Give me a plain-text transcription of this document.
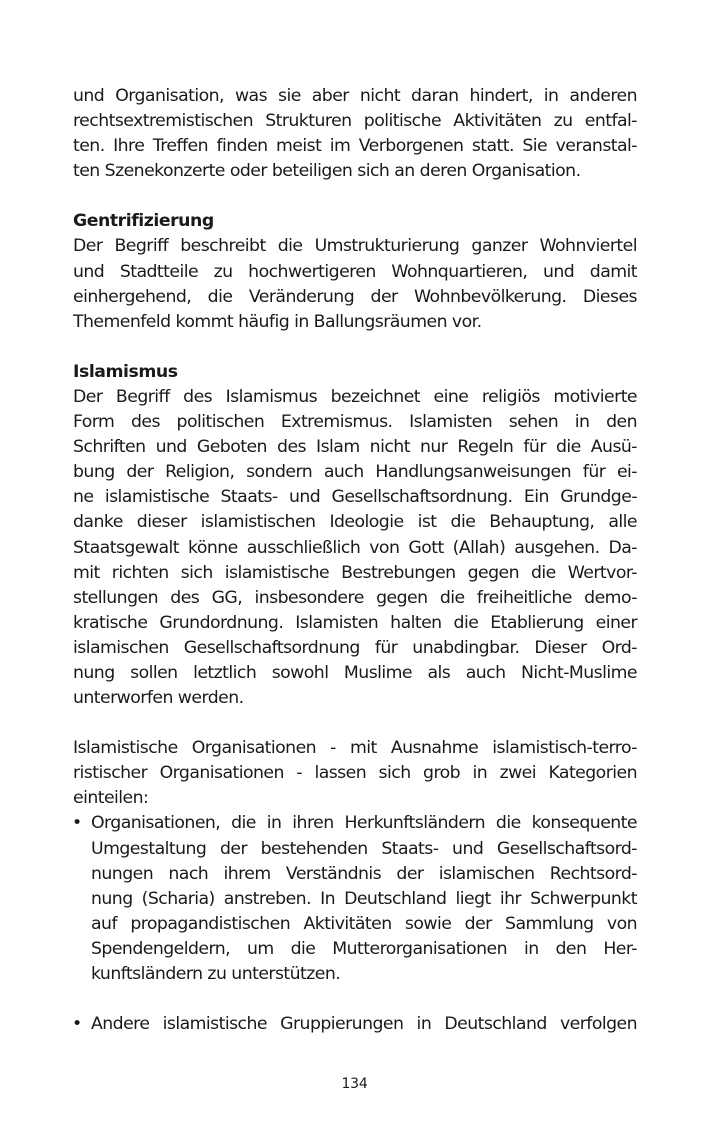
und Organisation, was sie aber nicht daran hindert, in anderen
rechtsextremistischen Strukturen politische Aktivitäten zu entfal-
ten. Ihre Treffen finden meist im Verborgenen statt. Sie veranstal-
ten Szenekonzerte oder beteiligen sich an deren Organisation.
Gentrifizierung
Der Begriff beschreibt die Umstrukturierung ganzer Wohnviertel
und Stadtteile zu hochwertigeren Wohnquartieren, und damit
einhergehend, die Veränderung der Wohnbevölkerung. Dieses
Themenfeld kommt häufig in Ballungsräumen vor.
Islamismus
Der Begriff des Islamismus bezeichnet eine religiös motivierte
Form des politischen Extremismus. Islamisten sehen in den
Schriften und Geboten des Islam nicht nur Regeln für die Ausü-
bung der Religion, sondern auch Handlungsanweisungen für ei-
ne islamistische Staats- und Gesellschaftsordnung. Ein Grundge-
danke dieser islamistischen Ideologie ist die Behauptung, alle
Staatsgewalt könne ausschließlich von Gott (Allah) ausgehen. Da-
mit richten sich islamistische Bestrebungen gegen die Wertvor-
stellungen des GG, insbesondere gegen die freiheitliche demo-
kratische Grundordnung. Islamisten halten die Etablierung einer
islamischen Gesellschaftsordnung für unabdingbar. Dieser Ord-
nung sollen letztlich sowohl Muslime als auch Nicht-Muslime
unterworfen werden.
Islamistische Organisationen - mit Ausnahme islamistisch-terro-
ristischer Organisationen - lassen sich grob in zwei Kategorien
einteilen:
• Organisationen, die in ihren Herkunftsländern die konsequente
Umgestaltung der bestehenden Staats- und Gesellschaftsord-
nungen nach ihrem Verständnis der islamischen Rechtsord-
nung (Scharia) anstreben. In Deutschland liegt ihr Schwerpunkt
auf propagandistischen Aktivitäten sowie der Sammlung von
Spendengeldern, um die Mutterorganisationen in den Her-
kunftsländern zu unterstützen.
• Andere islamistische Gruppierungen in Deutschland verfolgen
134
